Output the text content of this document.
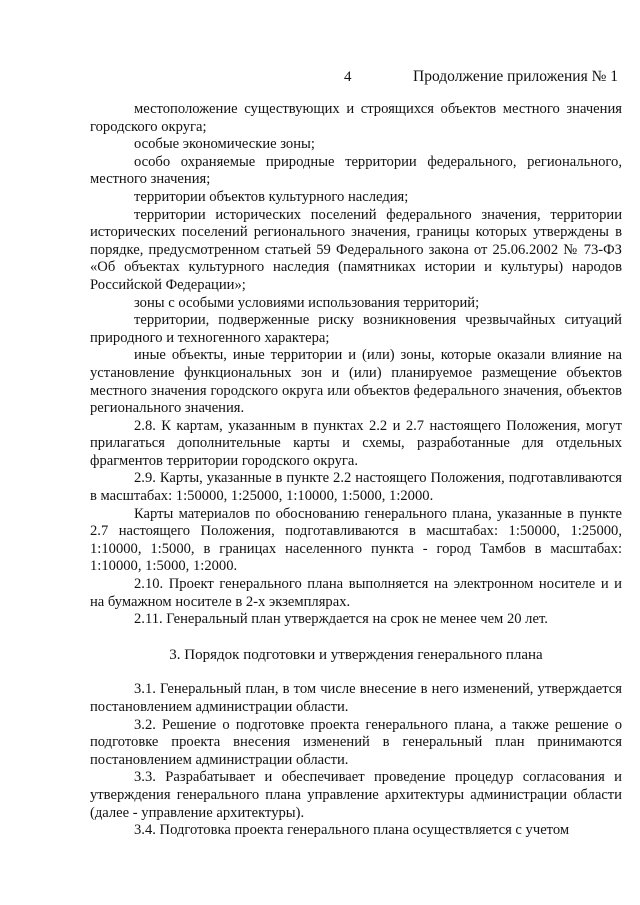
4	Продолжение приложения № 1

местоположение существующих и строящихся объектов местного значения городского округа;

особые экономические зоны;

особо охраняемые природные территории федерального, регионального, местного значения;

территории объектов культурного наследия;

территории исторических поселений федерального значения, территории исторических поселений регионального значения, границы которых утверждены в порядке, предусмотренном статьей 59 Федерального закона от 25.06.2002 № 73-ФЗ «Об объектах культурного наследия (памятниках истории и культуры) народов Российской Федерации»;

зоны с особыми условиями использования территорий;

территории, подверженные риску возникновения чрезвычайных ситуаций природного и техногенного характера;

иные объекты, иные территории и (или) зоны, которые оказали влияние на установление функциональных зон и (или) планируемое размещение объектов местного значения городского округа или объектов федерального значения, объектов регионального значения.

2.8. К картам, указанным в пунктах 2.2 и 2.7 настоящего Положения, могут прилагаться дополнительные карты и схемы, разработанные для отдельных фрагментов территории городского округа.

2.9. Карты, указанные в пункте 2.2 настоящего Положения, подготавливаются в масштабах: 1:50000, 1:25000, 1:10000, 1:5000, 1:2000.

Карты материалов по обоснованию генерального плана, указанные в пункте 2.7 настоящего Положения, подготавливаются в масштабах: 1:50000, 1:25000, 1:10000, 1:5000, в границах населенного пункта - город Тамбов в масштабах: 1:10000, 1:5000, 1:2000.

2.10. Проект генерального плана выполняется на электронном носителе и и на бумажном носителе в 2-х экземплярах.

2.11. Генеральный план утверждается на срок не менее чем 20 лет.

3. Порядок подготовки и утверждения генерального плана

3.1. Генеральный план, в том числе внесение в него изменений, утверждается постановлением администрации области.

3.2. Решение о подготовке проекта генерального плана, а также решение о подготовке проекта внесения изменений в генеральный план принимаются постановлением администрации области.

3.3. Разрабатывает и обеспечивает проведение процедур согласования и утверждения генерального плана управление архитектуры администрации области (далее - управление архитектуры).

3.4. Подготовка проекта генерального плана осуществляется с учетом
